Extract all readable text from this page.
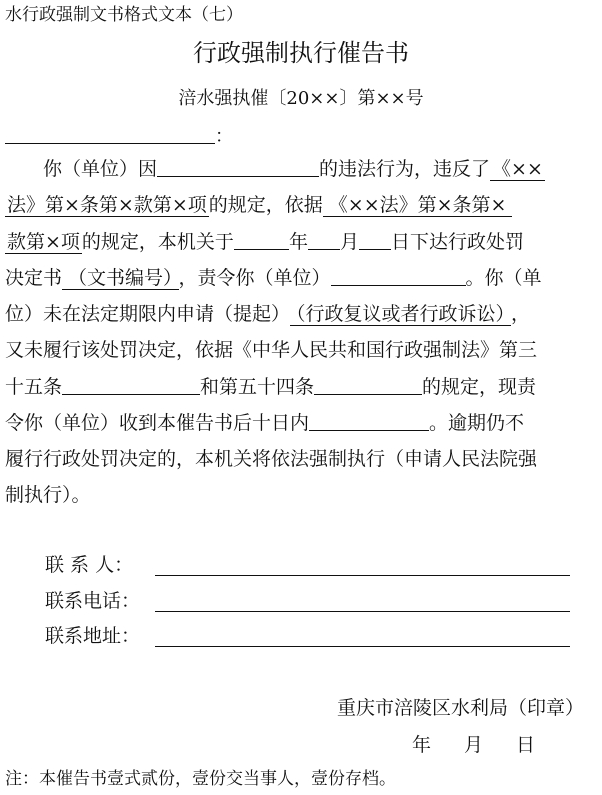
水行政强制文书格式文本（七）
行政强制执行催告书
涪水强执催〔20××〕第××号
：
你（单位）因	的违法行为，违反了 《××
法》第×条第×款第×项 的规定，依据 《××法》第×条第×
款第×项 的规定，本机关于	年 月 日下达行政处罚
决定书 （文书编号） ，责令你（单位）	。你（单
位）未在法定期限内申请（提起） （行政复议或者行政诉讼） ，
又未履行该处罚决定，依据《中华人民共和国行政强制法》第三
十五条	和第五十四条	的规定，现责
令你（单位）收到本催告书后十日内	。逾期仍不
履行行政处罚决定的，本机关将依法强制执行（申请人民法院强
制执行）。
联 系 人：
联系电话：
联系地址：
重庆市涪陵区水利局（印章）
年 月 日
注：本催告书壹式贰份，壹份交当事人，壹份存档。
